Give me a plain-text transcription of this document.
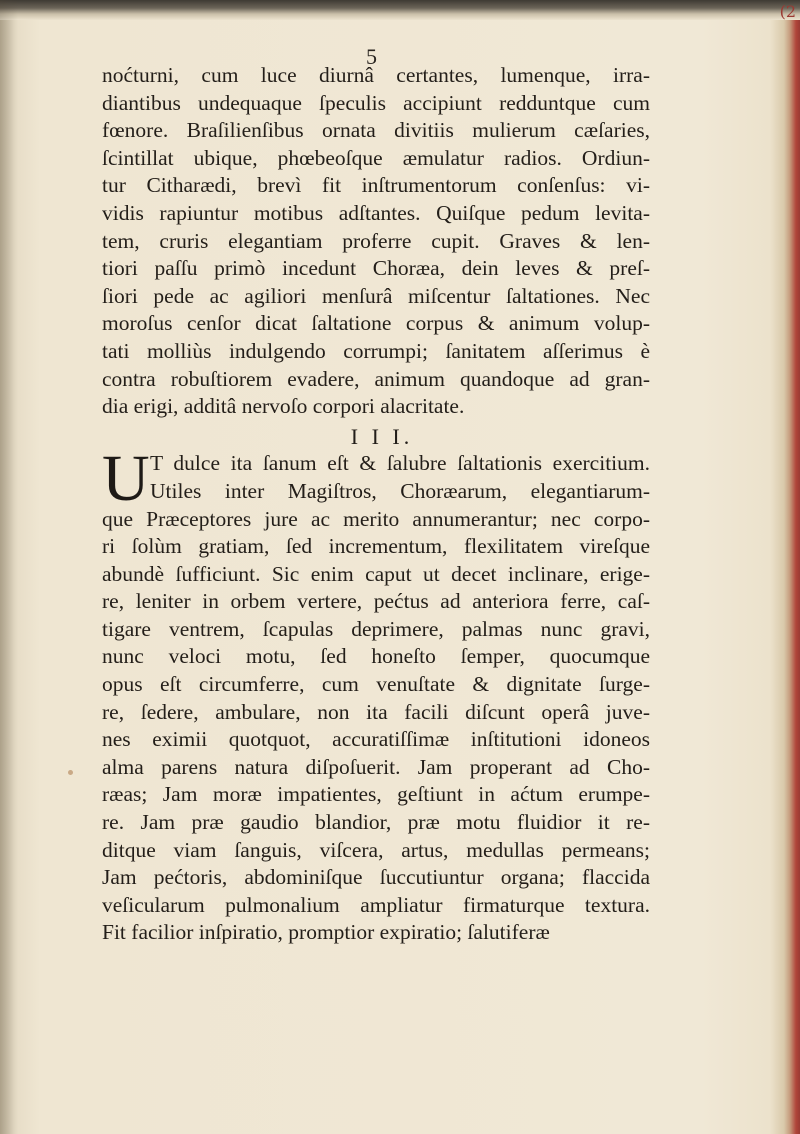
(2
5
noćturni, cum luce diurnâ certantes, lumenque, irra-
diantibus undequaque ſpeculis accipiunt redduntque cum
fœnore. Braſilienſibus ornata divitiis mulierum cæſaries,
ſcintillat ubique, phœbeoſque æmulatur radios. Ordiun-
tur Citharædi, brevì fit inſtrumentorum conſenſus: vi-
vidis rapiuntur motibus adſtantes. Quiſque pedum levita-
tem, cruris elegantiam proferre cupit. Graves & len-
tiori paſſu primò incedunt Choræa, dein leves & preſ-
ſiori pede ac agiliori menſurâ miſcentur ſaltationes. Nec
moroſus cenſor dicat ſaltatione corpus & animum volup-
tati molliùs indulgendo corrumpi; ſanitatem aſſerimus è
contra robuſtiorem evadere, animum quandoque ad gran-
dia erigi, additâ nervoſo corpori alacritate.
I I I.
U T dulce ita ſanum eſt & ſalubre ſaltationis exercitium.
Utiles inter Magiſtros, Choræarum, elegantiarum-
que Præceptores jure ac merito annumerantur; nec corpo-
ri ſolùm gratiam, ſed incrementum, flexilitatem vireſque
abundè ſufficiunt. Sic enim caput ut decet inclinare, erige-
re, leniter in orbem vertere, pećtus ad anteriora ferre, caſ-
tigare ventrem, ſcapulas deprimere, palmas nunc gravi,
nunc veloci motu, ſed honeſto ſemper, quocumque
opus eſt circumferre, cum venuſtate & dignitate ſurge-
re, ſedere, ambulare, non ita facili diſcunt operâ juve-
nes eximii quotquot, accuratiſſimæ inſtitutioni idoneos
alma parens natura diſpoſuerit. Jam properant ad Cho-
ræas; Jam moræ impatientes, geſtiunt in aćtum erumpe-
re. Jam præ gaudio blandior, præ motu fluidior it re-
ditque viam ſanguis, viſcera, artus, medullas permeans;
Jam pećtoris, abdominiſque ſuccutiuntur organa; flaccida
veſicularum pulmonalium ampliatur firmaturque textura.
Fit facilior inſpiratio, promptior expiratio; ſalutiferæ
